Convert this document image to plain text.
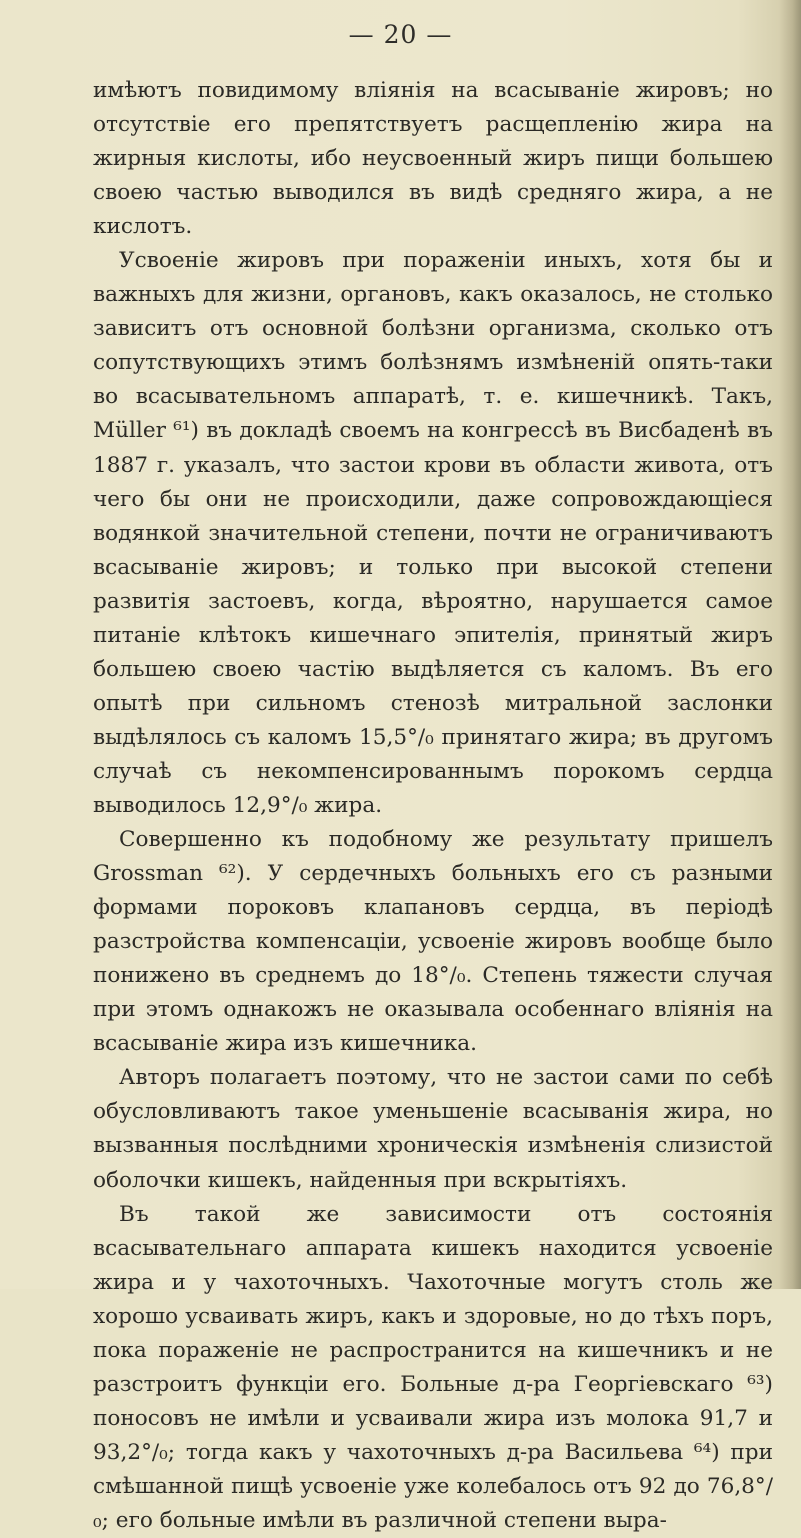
— 20 —

имѣютъ повидимому вліянія на всасываніе жировъ; но отсутствіе его препятствуетъ расщепленію жира на жирныя кислоты, ибо неусвоенный жиръ пищи большею своею частью выводился въ видѣ средняго жира, а не кислотъ.

Усвоеніе жировъ при пораженіи иныхъ, хотя бы и важныхъ для жизни, органовъ, какъ оказалось, не столько зависитъ отъ основной болѣзни организма, сколько отъ сопутствующихъ этимъ болѣзнямъ измѣненій опять-таки во всасывательномъ аппаратѣ, т. е. кишечникѣ. Такъ, Müller ⁶¹) въ докладѣ своемъ на конгрессѣ въ Висбаденѣ въ 1887 г. указалъ, что застои крови въ области живота, отъ чего бы они не происходили, даже сопровождающіеся водянкой значительной степени, почти не ограничиваютъ всасываніе жировъ; и только при высокой степени развитія застоевъ, когда, вѣроятно, нарушается самое питаніе клѣтокъ кишечнаго эпителія, принятый жиръ большею своею частію выдѣляется съ каломъ. Въ его опытѣ при сильномъ стенозѣ митральной заслонки выдѣлялось съ каломъ 15,5°/₀ принятаго жира; въ другомъ случаѣ съ некомпенсированнымъ порокомъ сердца выводилось 12,9°/₀ жира.

Совершенно къ подобному же результату пришелъ Grossman ⁶²). У сердечныхъ больныхъ его съ разными формами пороковъ клапановъ сердца, въ періодѣ разстройства компенсаціи, усвоеніе жировъ вообще было понижено въ среднемъ до 18°/₀. Степень тяжести случая при этомъ однакожъ не оказывала особеннаго вліянія на всасываніе жира изъ кишечника.

Авторъ полагаетъ поэтому, что не застои сами по себѣ обусловливаютъ такое уменьшеніе всасыванія жира, но вызванныя послѣдними хроническія измѣненія слизистой оболочки кишекъ, найденныя при вскрытіяхъ.

Въ такой же зависимости отъ состоянія всасывательнаго аппарата кишекъ находится усвоеніе жира и у чахоточныхъ. Чахоточные могутъ столь же хорошо усваивать жиръ, какъ и здоровые, но до тѣхъ поръ, пока пораженіе не распространится на кишечникъ и не разстроитъ функціи его. Больные д-ра Георгіевскаго ⁶³) поносовъ не имѣли и усваивали жира изъ молока 91,7 и 93,2°/₀; тогда какъ у чахоточныхъ д-ра Васильева ⁶⁴) при смѣшанной пищѣ усвоеніе уже колебалось отъ 92 до 76,8°/₀; его больные имѣли въ различной степени выра-
